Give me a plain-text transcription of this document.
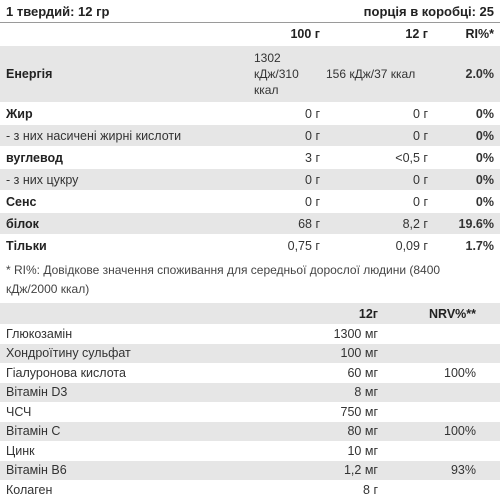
1 твердий: 12 гр	порція в коробці: 25
	100 г	12 г	RI%*
Енергія	1302 кДж/310 ккал	156 кДж/37 ккал	2.0%
Жир	0 г	0 г	0%
- з них насичені жирні кислоти	0 г	0 г	0%
вуглевод	3 г	<0,5 г	0%
- з них цукру	0 г	0 г	0%
Сенс	0 г	0 г	0%
білок	68 г	8,2 г	19.6%
Тільки	0,75 г	0,09 г	1.7%
* RI%: Довідкове значення споживання для середньої дорослої людини (8400 кДж/2000 ккал)
	12г	NRV%**
Глюкозамін	1300 мг	
Хондроїтину сульфат	100 мг	
Гіалуронова кислота	60 мг	100%
Вітамін D3	8 мг	
ЧСЧ	750 мг	
Вітамін С	80 мг	100%
Цинк	10 мг	
Вітамін B6	1,2 мг	93%
Колаген	8 г	
